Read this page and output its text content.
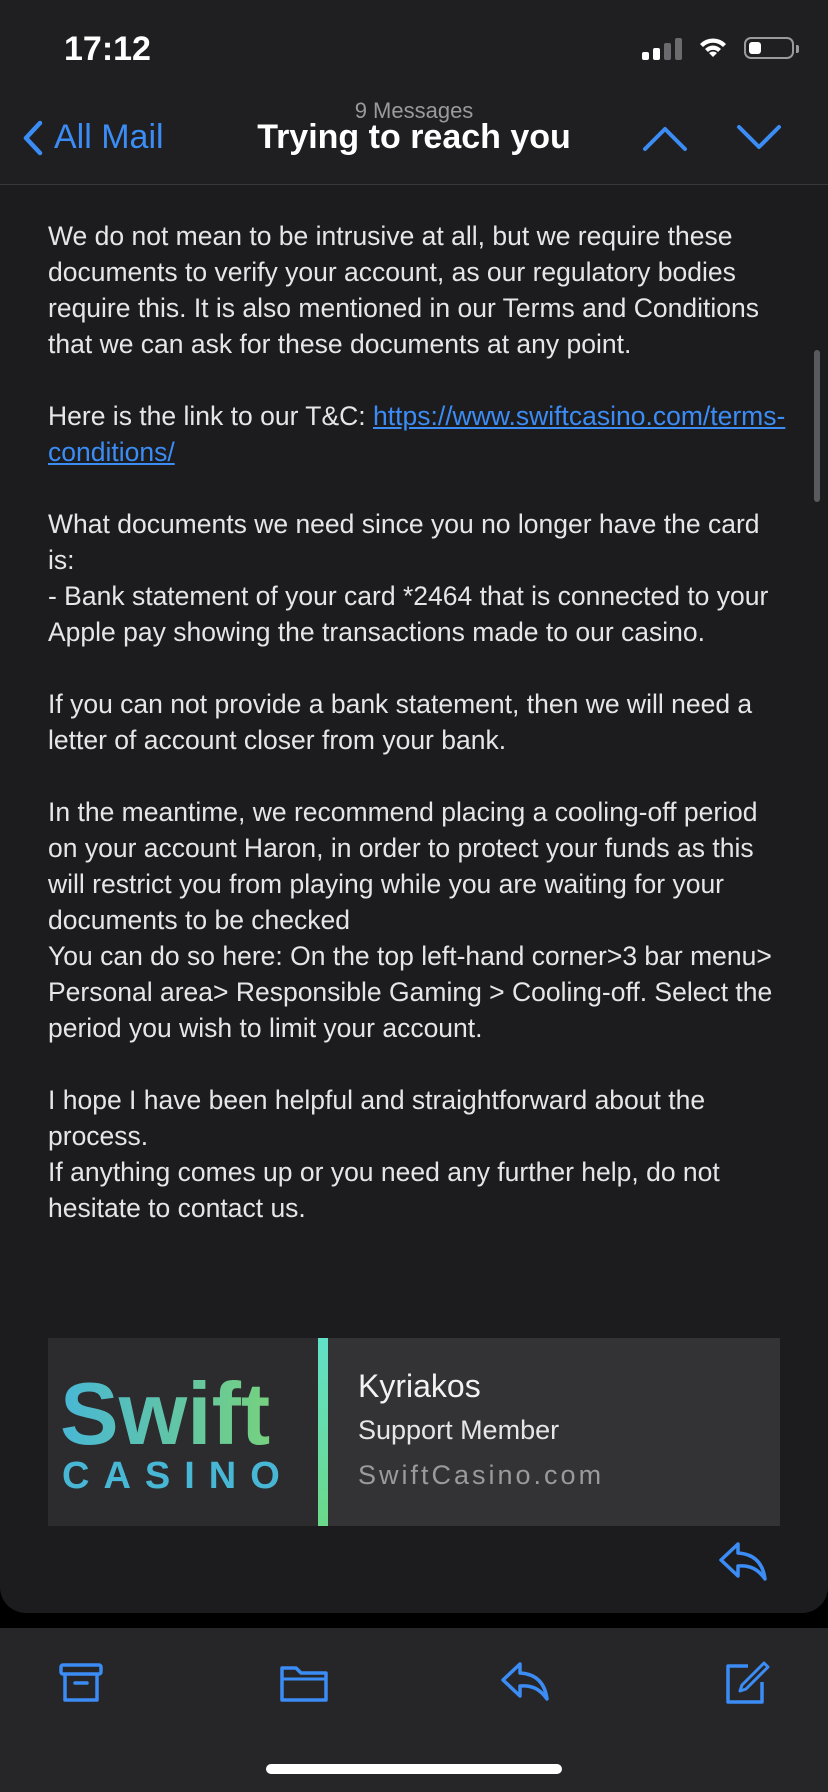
17:12
All Mail
9 Messages
Trying to reach you

We do not mean to be intrusive at all, but we require these documents to verify your account, as our regulatory bodies require this. It is also mentioned in our Terms and Conditions that we can ask for these documents at any point.

Here is the link to our T&C: https://www.swiftcasino.com/terms-conditions/

What documents we need since you no longer have the card is:

- Bank statement of your card *2464 that is connected to your Apple pay showing the transactions made to our casino.

If you can not provide a bank statement, then we will need a letter of account closer from your bank.

In the meantime, we recommend placing a cooling-off period on your account Haron, in order to protect your funds as this will restrict you from playing while you are waiting for your documents to be checked

You can do so here: On the top left-hand corner>3 bar menu> Personal area> Responsible Gaming > Cooling-off. Select the period you wish to limit your account.

I hope I have been helpful and straightforward about the process.

If anything comes up or you need any further help, do not hesitate to contact us.

Swift
CASINO
Kyriakos
Support Member
SwiftCasino.com
